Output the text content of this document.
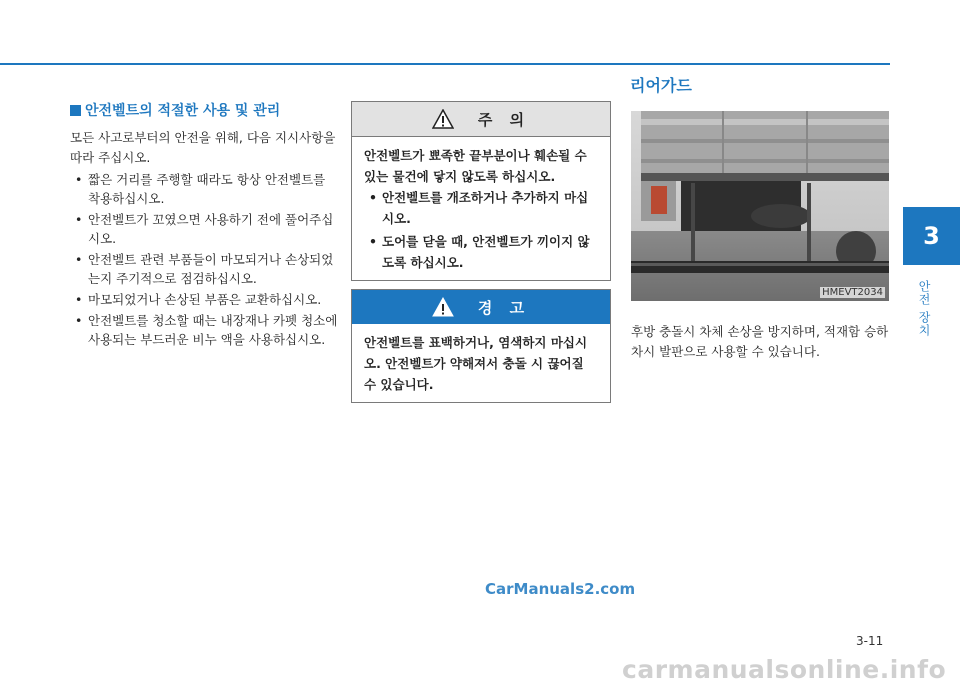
3
안전 장치
안전벨트의 적절한 사용 및 관리

모든 사고로부터의 안전을 위해, 다음 지시사항을 따라 주십시오.

• 짧은 거리를 주행할 때라도 항상 안전벨트를 착용하십시오.
• 안전벨트가 꼬였으면 사용하기 전에 풀어주십시오.
• 안전벨트 관련 부품들이 마모되거나 손상되었는지 주기적으로 점검하십시오.
• 마모되었거나 손상된 부품은 교환하십시오.
• 안전벨트를 청소할 때는 내장재나 카펫 청소에 사용되는 부드러운 비누 액을 사용하십시오.
주 의
안전벨트가 뾰족한 끝부분이나 훼손될 수 있는 물건에 닿지 않도록 하십시오.
• 안전벨트를 개조하거나 추가하지 마십시오.
• 도어를 닫을 때, 안전벨트가 끼이지 않도록 하십시오.
경 고
안전벨트를 표백하거나, 염색하지 마십시오. 안전벨트가 약해져서 충돌 시 끊어질 수 있습니다.
리어가드
HMEVT2034
후방 충돌시 차체 손상을 방지하며, 적재함 승하차시 발판으로 사용할 수 있습니다.
CarManuals2.com
3-11
carmanualsonline.info
